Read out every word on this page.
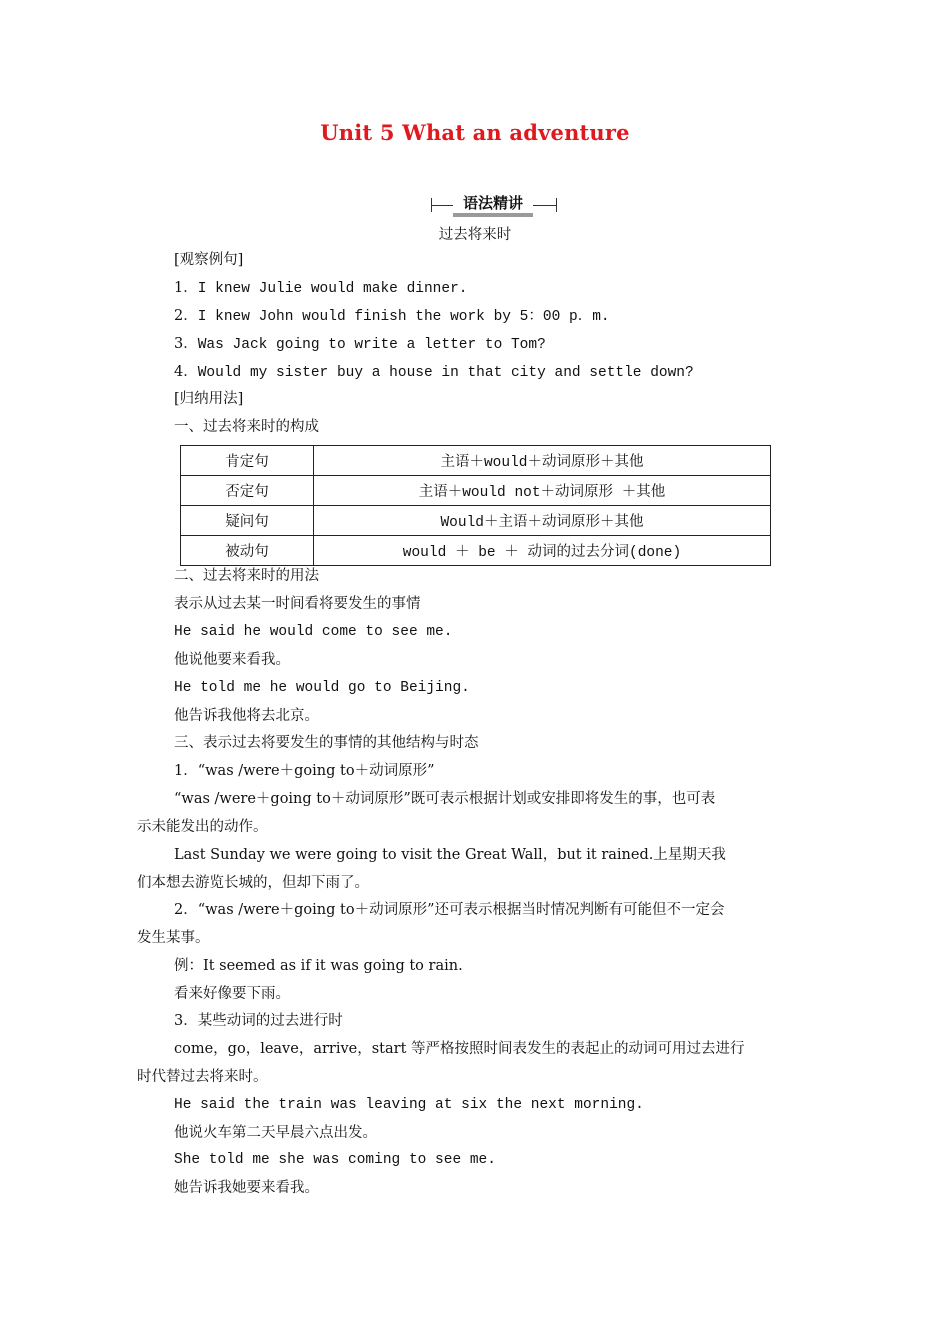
Unit 5 What an adventure
语法精讲
过去将来时
[观察例句]
1．I knew Julie would make dinner.
2．I knew John would finish the work by 5：00 p．m.
3．Was Jack going to write a letter to Tom?
4．Would my sister buy a house in that city and settle down?
[归纳用法]
一、过去将来时的构成
肯定句	主语＋would＋动词原形＋其他
否定句	主语＋would not＋动词原形 ＋其他
疑问句	Would＋主语＋动词原形＋其他
被动句	would ＋ be ＋ 动词的过去分词(done)
二、过去将来时的用法
表示从过去某一时间看将要发生的事情
He said he would come to see me.
他说他要来看我。
He told me he would go to Beijing.
他告诉我他将去北京。
三、表示过去将要发生的事情的其他结构与时态
1．“was /were＋going to＋动词原形”
“was /were＋going to＋动词原形”既可表示根据计划或安排即将发生的事，也可表
示未能发出的动作。
Last Sunday we were going to visit the Great Wall，but it rained.上星期天我
们本想去游览长城的，但却下雨了。
2．“was /were＋going to＋动词原形”还可表示根据当时情况判断有可能但不一定会
发生某事。
例：It seemed as if it was going to rain.
看来好像要下雨。
3．某些动词的过去进行时
come，go，leave，arrive，start 等严格按照时间表发生的表起止的动词可用过去进行
时代替过去将来时。
He said the train was leaving at six the next morning.
他说火车第二天早晨六点出发。
She told me she was coming to see me.
她告诉我她要来看我。
